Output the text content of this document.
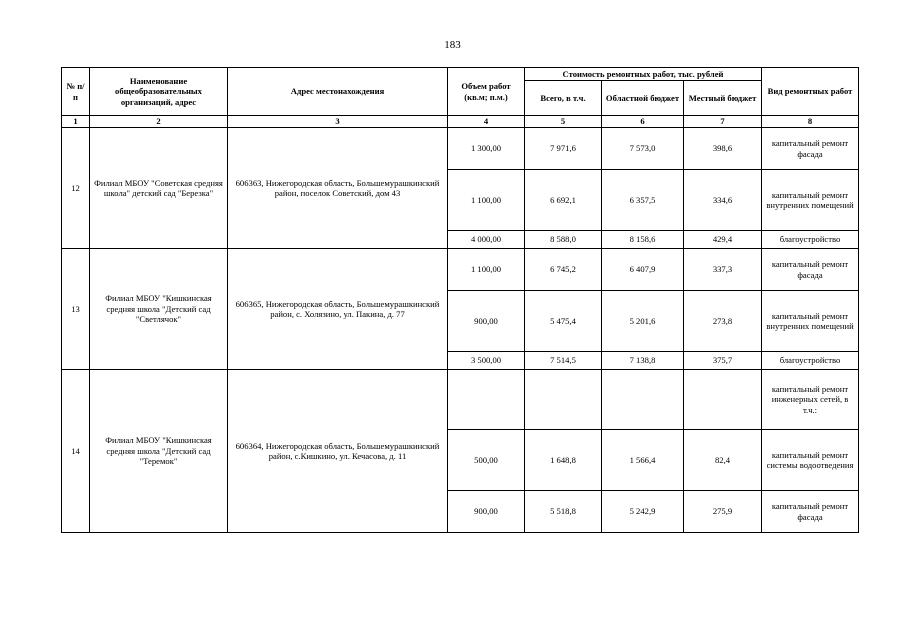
183
№ п/п	Наименование общеобразовательных организаций, адрес	Адрес местонахождения	Объем работ (кв.м; п.м.)	Стоимость ремонтных работ, тыс. рублей			Вид ремонтных работ
				Всего, в т.ч.	Областной бюджет	Местный бюджет	
1	2	3	4	5	6	7	8
12	Филиал МБОУ "Советская средняя школа" детский сад "Березка"	606363, Нижегородская область, Большемурашкинский район, поселок Советский, дом 43	1 300,00	7 971,6	7 573,0	398,6	капитальный ремонт фасада
			1 100,00	6 692,1	6 357,5	334,6	капитальный ремонт внутренних помещений
			4 000,00	8 588,0	8 158,6	429,4	благоустройство
13	Филиал МБОУ "Кишкинская средняя школа "Детский сад "Светлячок"	606365, Нижегородская область, Большемурашкинский район, с. Холязино, ул. Пакина, д. 77	1 100,00	6 745,2	6 407,9	337,3	капитальный ремонт фасада
			900,00	5 475,4	5 201,6	273,8	капитальный ремонт внутренних помещений
			3 500,00	7 514,5	7 138,8	375,7	благоустройство
14	Филиал МБОУ "Кишкинская средняя школа "Детский сад "Теремок"	606364, Нижегородская область, Большемурашкинский район, с.Кишкино, ул. Кечасова, д. 11					капитальный ремонт инженерных сетей, в т.ч.:
			500,00	1 648,8	1 566,4	82,4	капитальный ремонт системы водоотведения
			900,00	5 518,8	5 242,9	275,9	капитальный ремонт фасада
